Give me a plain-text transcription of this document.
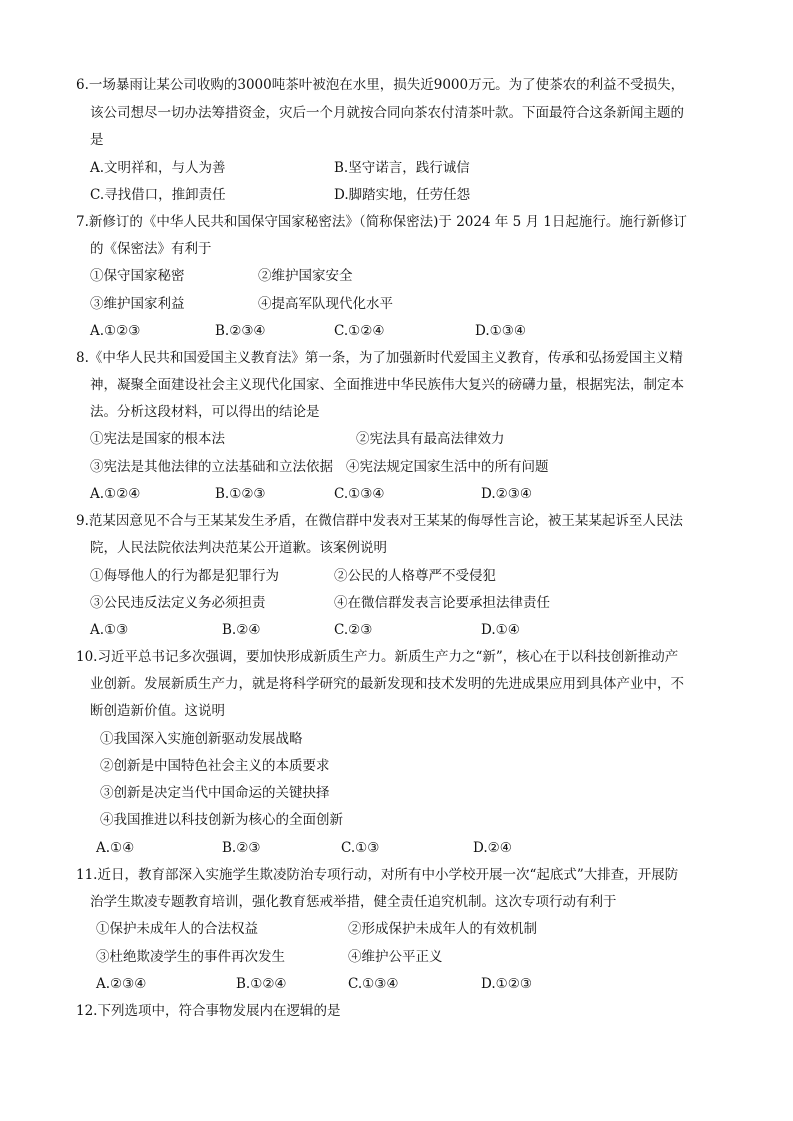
6.一场暴雨让某公司收购的3000吨茶叶被泡在水里，损失近9000万元。为了使茶农的利益不受损失，
该公司想尽一切办法筹措资金，灾后一个月就按合同向茶农付清茶叶款。下面最符合这条新闻主题的
是
A.文明祥和，与人为善	B.坚守诺言，践行诚信
C.寻找借口，推卸责任	D.脚踏实地，任劳任怨
7.新修订的《中华人民共和国保守国家秘密法》（简称保密法)于 2024 年 5 月 1日起施行。施行新修订
的《保密法》有利于
①保守国家秘密	②维护国家安全
③维护国家利益	④提高军队现代化水平
A.①②③	B.②③④	C.①②④	D.①③④
8.《中华人民共和国爱国主义教育法》第一条，为了加强新时代爱国主义教育，传承和弘扬爱国主义精
神，凝聚全面建设社会主义现代化国家、全面推进中华民族伟大复兴的磅礴力量，根据宪法，制定本
法。分析这段材料，可以得出的结论是
①宪法是国家的根本法	②宪法具有最高法律效力
③宪法是其他法律的立法基础和立法依据 ④宪法规定国家生活中的所有问题
A.①②④	B.①②③	C.①③④	D.②③④
9.范某因意见不合与王某某发生矛盾，在微信群中发表对王某某的侮辱性言论，被王某某起诉至人民法
院，人民法院依法判决范某公开道歉。该案例说明
①侮辱他人的行为都是犯罪行为	②公民的人格尊严不受侵犯
③公民违反法定义务必须担责	④在微信群发表言论要承担法律责任
A.①③	B.②④	C.②③	D.①④
10.习近平总书记多次强调，要加快形成新质生产力。新质生产力之“新”，核心在于以科技创新推动产
业创新。发展新质生产力，就是将科学研究的最新发现和技术发明的先进成果应用到具体产业中，不
断创造新价值。这说明
①我国深入实施创新驱动发展战略
②创新是中国特色社会主义的本质要求
③创新是决定当代中国命运的关键抉择
④我国推进以科技创新为核心的全面创新
A.①④	B.②③	C.①③	D.②④
11.近日，教育部深入实施学生欺凌防治专项行动，对所有中小学校开展一次“起底式”大排查，开展防
治学生欺凌专题教育培训，强化教育惩戒举措，健全责任追究机制。这次专项行动有利于
①保护未成年人的合法权益	②形成保护未成年人的有效机制
③杜绝欺凌学生的事件再次发生	④维护公平正义
A.②③④	B.①②④	C.①③④	D.①②③
12.下列选项中，符合事物发展内在逻辑的是
